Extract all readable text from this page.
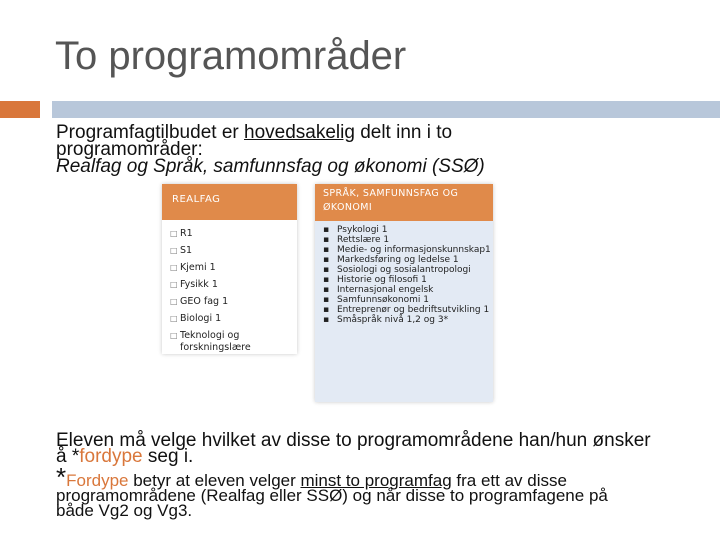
To programområder
Programfagtilbudet er hovedsakelig delt inn i to
programområder:
Realfag og Språk, samfunnsfag og økonomi (SSØ)
REALFAG
□ R1
□ S1
□ Kjemi 1
□ Fysikk 1
□ GEO fag 1
□ Biologi 1
□ Teknologi og forskningslære
SPRÅK, SAMFUNNSFAG OG ØKONOMI
▪ Psykologi 1
▪ Rettslære 1
▪ Medie- og informasjonskunnskap1
▪ Markedsføring og ledelse 1
▪ Sosiologi og sosialantropologi
▪ Historie og filosofi 1
▪ Internasjonal engelsk
▪ Samfunnsøkonomi 1
▪ Entreprenør og bedriftsutvikling 1
▪ Småspråk nivå 1,2 og 3*
Eleven må velge hvilket av disse to programområdene han/hun ønsker
å *fordype seg i.
*Fordype betyr at eleven velger minst to programfag fra ett av disse
programområdene (Realfag eller SSØ) og når disse to programfagene på
både Vg2 og Vg3.
